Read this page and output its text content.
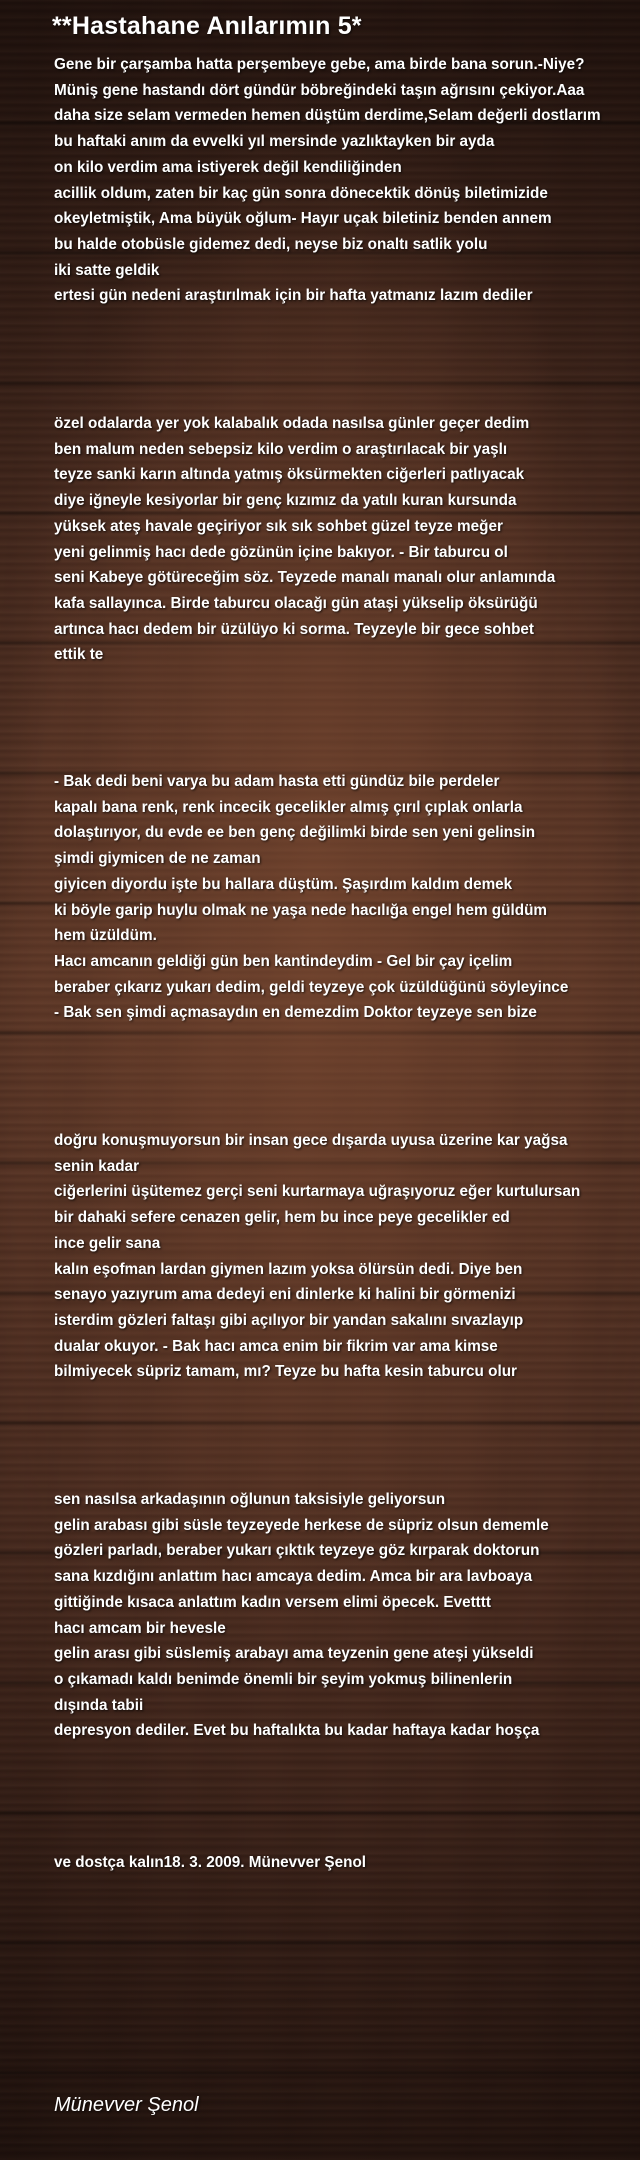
**Hastahane Anılarımın 5*
Gene bir çarşamba hatta perşembeye gebe, ama birde bana sorun.-Niye?
Müniş gene hastandı dört gündür böbreğindeki taşın ağrısını çekiyor.Aaa
daha size selam vermeden hemen düştüm derdime,Selam değerli dostlarım
bu haftaki anım da evvelki yıl mersinde yazlıktayken bir ayda
on kilo verdim ama istiyerek değil kendiliğinden
acillik oldum, zaten bir kaç gün sonra dönecektik dönüş biletimizide
okeyletmiştik, Ama büyük oğlum- Hayır uçak biletiniz benden annem
bu halde otobüsle gidemez dedi, neyse biz onaltı satlik yolu
iki satte geldik
ertesi gün nedeni araştırılmak için bir hafta yatmanız lazım dediler
özel odalarda yer yok kalabalık odada nasılsa günler geçer dedim
ben malum neden sebepsiz kilo verdim o araştırılacak bir yaşlı
teyze sanki karın altında yatmış öksürmekten ciğerleri patlıyacak
diye iğneyle kesiyorlar bir genç kızımız da yatılı kuran kursunda
yüksek ateş havale geçiriyor sık sık sohbet güzel teyze meğer
yeni gelinmiş hacı dede gözünün içine bakıyor. - Bir taburcu ol
seni Kabeye götüreceğim söz. Teyzede manalı manalı olur anlamında
kafa sallayınca. Birde taburcu olacağı gün ataşi yükselip öksürüğü
artınca hacı dedem bir üzülüyo ki sorma. Teyzeyle bir gece sohbet
ettik te
- Bak dedi beni varya bu adam hasta etti gündüz bile perdeler
kapalı bana renk, renk incecik gecelikler almış çırıl çıplak onlarla
dolaştırıyor, du evde ee ben genç değilimki birde sen yeni gelinsin
şimdi giymicen de ne zaman
giyicen diyordu işte bu hallara düştüm. Şaşırdım kaldım demek
ki böyle garip huylu olmak ne yaşa nede hacılığa engel hem güldüm
hem üzüldüm.
Hacı amcanın geldiği gün ben kantindeydim - Gel bir çay içelim
beraber çıkarız yukarı dedim, geldi teyzeye çok üzüldüğünü söyleyince
- Bak sen şimdi açmasaydın en demezdim Doktor teyzeye sen bize
doğru konuşmuyorsun bir insan gece dışarda uyusa üzerine kar yağsa
senin kadar
ciğerlerini üşütemez gerçi seni kurtarmaya uğraşıyoruz eğer kurtulursan
bir dahaki sefere cenazen gelir, hem bu ince peye gecelikler ed
ince gelir sana
kalın eşofman lardan giymen lazım yoksa ölürsün dedi. Diye ben
senayo yazıyrum ama dedeyi eni dinlerke ki halini bir görmenizi
isterdim gözleri faltaşı gibi açılıyor bir yandan sakalını sıvazlayıp
dualar okuyor. - Bak hacı amca enim bir fikrim var ama kimse
bilmiyecek süpriz tamam, mı? Teyze bu hafta kesin taburcu olur
sen nasılsa arkadaşının oğlunun taksisiyle geliyorsun
gelin arabası gibi süsle teyzeyede herkese de süpriz olsun dememle
gözleri parladı, beraber yukarı çıktık teyzeye göz kırparak doktorun
sana kızdığını anlattım hacı amcaya dedim. Amca bir ara lavboaya
gittiğinde kısaca anlattım kadın versem elimi öpecek. Evetttt
hacı amcam bir hevesle
gelin arası gibi süslemiş arabayı ama teyzenin gene ateşi yükseldi
o çıkamadı kaldı benimde önemli bir şeyim yokmuş bilinenlerin
dışında tabii
depresyon dediler. Evet bu haftalıkta bu kadar haftaya kadar hoşça
ve dostça kalın18. 3. 2009. Münevver Şenol
Münevver Şenol
